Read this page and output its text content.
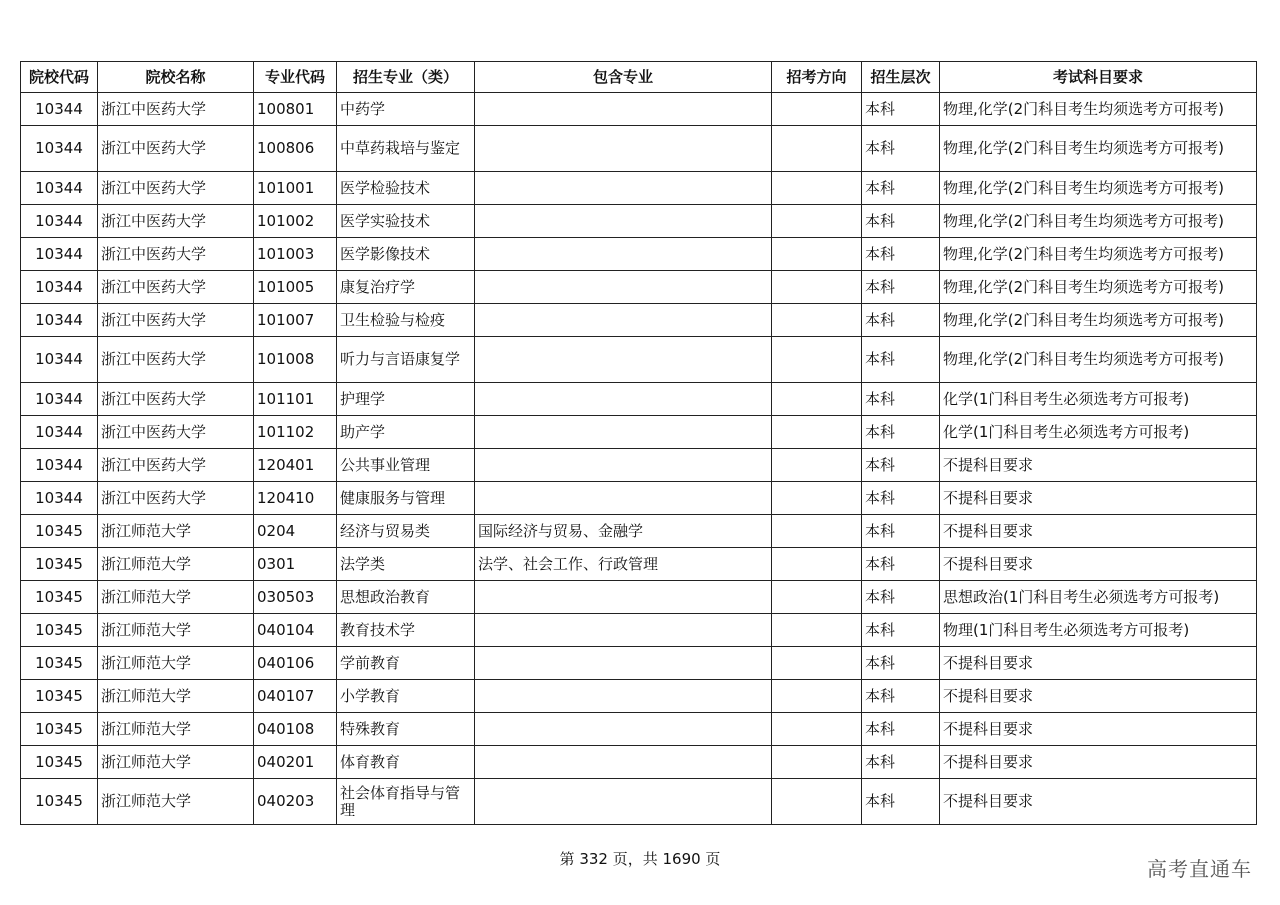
院校代码	院校名称	专业代码	招生专业（类）	包含专业	招考方向	招生层次	考试科目要求
10344	浙江中医药大学	100801	中药学			本科	物理,化学(2门科目考生均须选考方可报考)
10344	浙江中医药大学	100806	中草药栽培与鉴定			本科	物理,化学(2门科目考生均须选考方可报考)
10344	浙江中医药大学	101001	医学检验技术			本科	物理,化学(2门科目考生均须选考方可报考)
10344	浙江中医药大学	101002	医学实验技术			本科	物理,化学(2门科目考生均须选考方可报考)
10344	浙江中医药大学	101003	医学影像技术			本科	物理,化学(2门科目考生均须选考方可报考)
10344	浙江中医药大学	101005	康复治疗学			本科	物理,化学(2门科目考生均须选考方可报考)
10344	浙江中医药大学	101007	卫生检验与检疫			本科	物理,化学(2门科目考生均须选考方可报考)
10344	浙江中医药大学	101008	听力与言语康复学			本科	物理,化学(2门科目考生均须选考方可报考)
10344	浙江中医药大学	101101	护理学			本科	化学(1门科目考生必须选考方可报考)
10344	浙江中医药大学	101102	助产学			本科	化学(1门科目考生必须选考方可报考)
10344	浙江中医药大学	120401	公共事业管理			本科	不提科目要求
10344	浙江中医药大学	120410	健康服务与管理			本科	不提科目要求
10345	浙江师范大学	0204	经济与贸易类	国际经济与贸易、金融学		本科	不提科目要求
10345	浙江师范大学	0301	法学类	法学、社会工作、行政管理		本科	不提科目要求
10345	浙江师范大学	030503	思想政治教育			本科	思想政治(1门科目考生必须选考方可报考)
10345	浙江师范大学	040104	教育技术学			本科	物理(1门科目考生必须选考方可报考)
10345	浙江师范大学	040106	学前教育			本科	不提科目要求
10345	浙江师范大学	040107	小学教育			本科	不提科目要求
10345	浙江师范大学	040108	特殊教育			本科	不提科目要求
10345	浙江师范大学	040201	体育教育			本科	不提科目要求
10345	浙江师范大学	040203	社会体育指导与管理			本科	不提科目要求
第 332 页，共 1690 页	高考直通车
